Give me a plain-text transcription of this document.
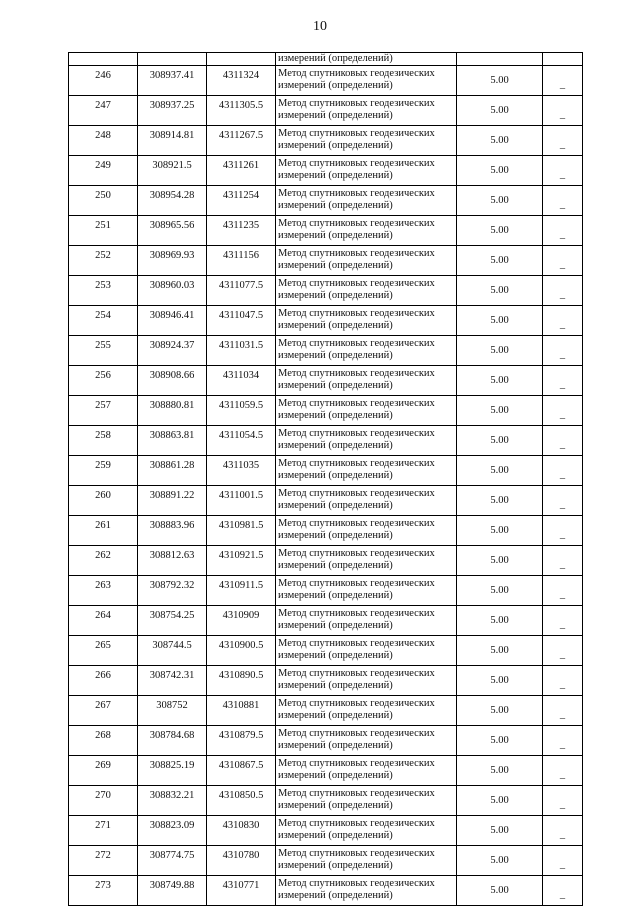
10
			измерений (определений)		
246	308937.41	4311324	Метод спутниковых геодезических
измерений (определений)	5.00	–
247	308937.25	4311305.5	Метод спутниковых геодезических
измерений (определений)	5.00	–
248	308914.81	4311267.5	Метод спутниковых геодезических
измерений (определений)	5.00	–
249	308921.5	4311261	Метод спутниковых геодезических
измерений (определений)	5.00	–
250	308954.28	4311254	Метод спутниковых геодезических
измерений (определений)	5.00	–
251	308965.56	4311235	Метод спутниковых геодезических
измерений (определений)	5.00	–
252	308969.93	4311156	Метод спутниковых геодезических
измерений (определений)	5.00	–
253	308960.03	4311077.5	Метод спутниковых геодезических
измерений (определений)	5.00	–
254	308946.41	4311047.5	Метод спутниковых геодезических
измерений (определений)	5.00	–
255	308924.37	4311031.5	Метод спутниковых геодезических
измерений (определений)	5.00	–
256	308908.66	4311034	Метод спутниковых геодезических
измерений (определений)	5.00	–
257	308880.81	4311059.5	Метод спутниковых геодезических
измерений (определений)	5.00	–
258	308863.81	4311054.5	Метод спутниковых геодезических
измерений (определений)	5.00	–
259	308861.28	4311035	Метод спутниковых геодезических
измерений (определений)	5.00	–
260	308891.22	4311001.5	Метод спутниковых геодезических
измерений (определений)	5.00	–
261	308883.96	4310981.5	Метод спутниковых геодезических
измерений (определений)	5.00	–
262	308812.63	4310921.5	Метод спутниковых геодезических
измерений (определений)	5.00	–
263	308792.32	4310911.5	Метод спутниковых геодезических
измерений (определений)	5.00	–
264	308754.25	4310909	Метод спутниковых геодезических
измерений (определений)	5.00	–
265	308744.5	4310900.5	Метод спутниковых геодезических
измерений (определений)	5.00	–
266	308742.31	4310890.5	Метод спутниковых геодезических
измерений (определений)	5.00	–
267	308752	4310881	Метод спутниковых геодезических
измерений (определений)	5.00	–
268	308784.68	4310879.5	Метод спутниковых геодезических
измерений (определений)	5.00	–
269	308825.19	4310867.5	Метод спутниковых геодезических
измерений (определений)	5.00	–
270	308832.21	4310850.5	Метод спутниковых геодезических
измерений (определений)	5.00	–
271	308823.09	4310830	Метод спутниковых геодезических
измерений (определений)	5.00	–
272	308774.75	4310780	Метод спутниковых геодезических
измерений (определений)	5.00	–
273	308749.88	4310771	Метод спутниковых геодезических
измерений (определений)	5.00	–
